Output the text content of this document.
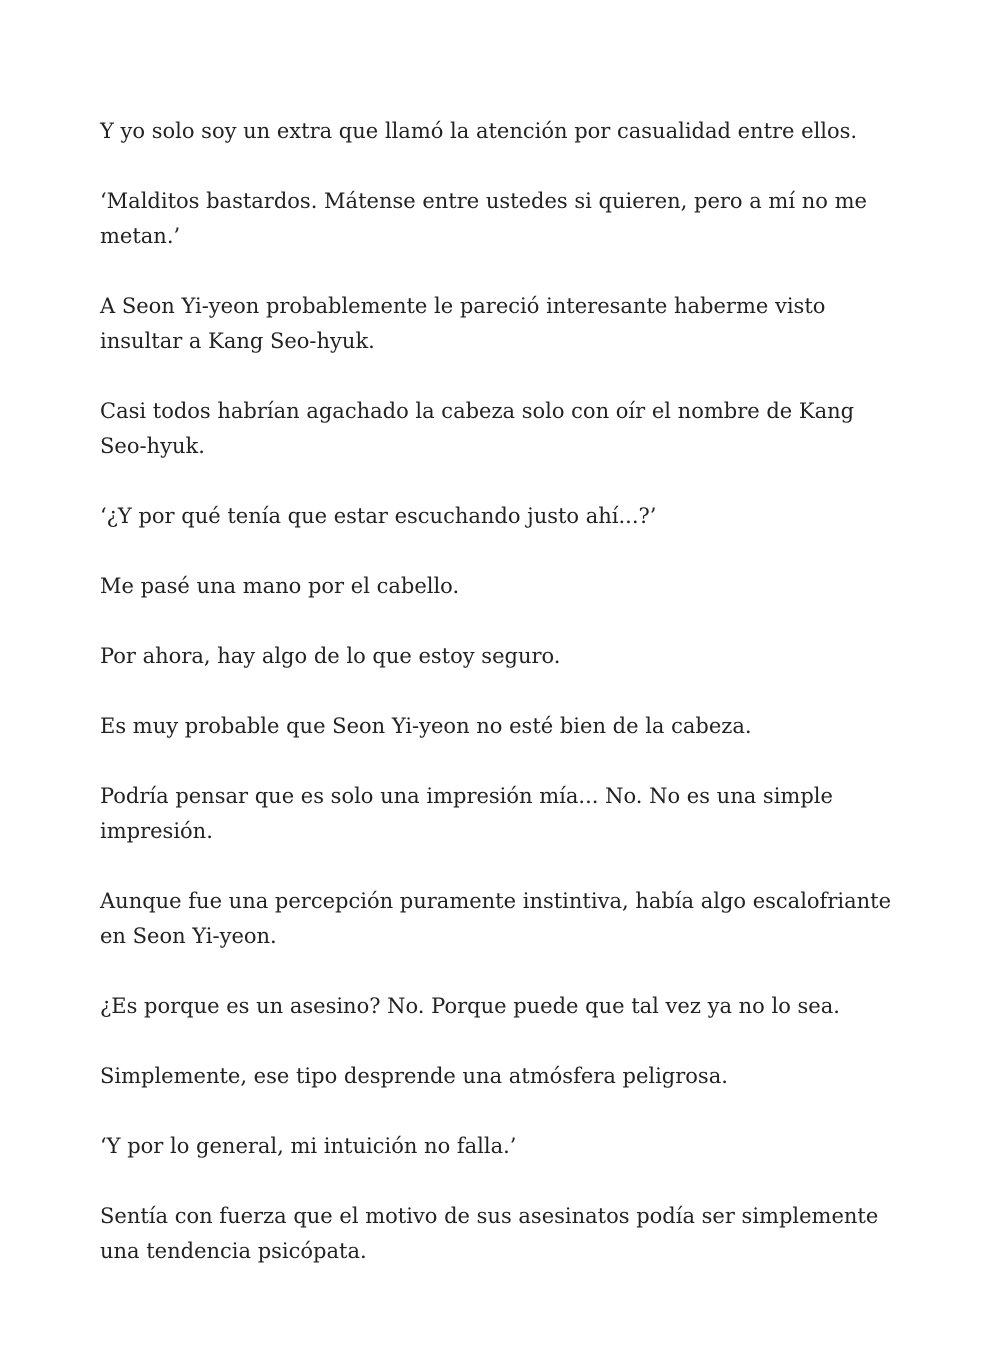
Y yo solo soy un extra que llamó la atención por casualidad entre ellos.

‘Malditos bastardos. Mátense entre ustedes si quieren, pero a mí no me metan.’

A Seon Yi-yeon probablemente le pareció interesante haberme visto insultar a Kang Seo-hyuk.

Casi todos habrían agachado la cabeza solo con oír el nombre de Kang Seo-hyuk.

‘¿Y por qué tenía que estar escuchando justo ahí...?’

Me pasé una mano por el cabello.

Por ahora, hay algo de lo que estoy seguro.

Es muy probable que Seon Yi-yeon no esté bien de la cabeza.

Podría pensar que es solo una impresión mía... No. No es una simple impresión.

Aunque fue una percepción puramente instintiva, había algo escalofriante en Seon Yi-yeon.

¿Es porque es un asesino? No. Porque puede que tal vez ya no lo sea.

Simplemente, ese tipo desprende una atmósfera peligrosa.

‘Y por lo general, mi intuición no falla.’

Sentía con fuerza que el motivo de sus asesinatos podía ser simplemente una tendencia psicópata.
